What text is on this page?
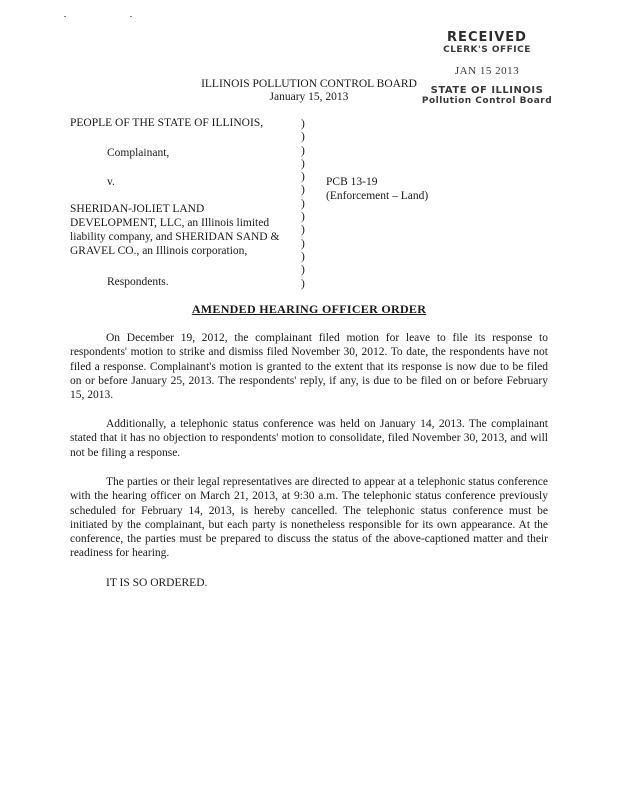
RECEIVED
CLERK'S OFFICE
JAN 15 2013
STATE OF ILLINOIS
Pollution Control Board
ILLINOIS POLLUTION CONTROL BOARD
January 15, 2013
PEOPLE OF THE STATE OF ILLINOIS,
Complainant,
v.
SHERIDAN-JOLIET LAND
DEVELOPMENT, LLC, an Illinois limited
liability company, and SHERIDAN SAND &
GRAVEL CO., an Illinois corporation,
Respondents.
)
)
)
)
)
)
)
)
)
)
)
)
)
PCB 13-19
(Enforcement – Land)
AMENDED HEARING OFFICER ORDER

On December 19, 2012, the complainant filed motion for leave to file its response to respondents' motion to strike and dismiss filed November 30, 2012. To date, the respondents have not filed a response. Complainant's motion is granted to the extent that its response is now due to be filed on or before January 25, 2013. The respondents' reply, if any, is due to be filed on or before February 15, 2013.

Additionally, a telephonic status conference was held on January 14, 2013. The complainant stated that it has no objection to respondents' motion to consolidate, filed November 30, 2013, and will not be filing a response.

The parties or their legal representatives are directed to appear at a telephonic status conference with the hearing officer on March 21, 2013, at 9:30 a.m. The telephonic status conference previously scheduled for February 14, 2013, is hereby cancelled. The telephonic status conference must be initiated by the complainant, but each party is nonetheless responsible for its own appearance. At the conference, the parties must be prepared to discuss the status of the above-captioned matter and their readiness for hearing.

IT IS SO ORDERED.
